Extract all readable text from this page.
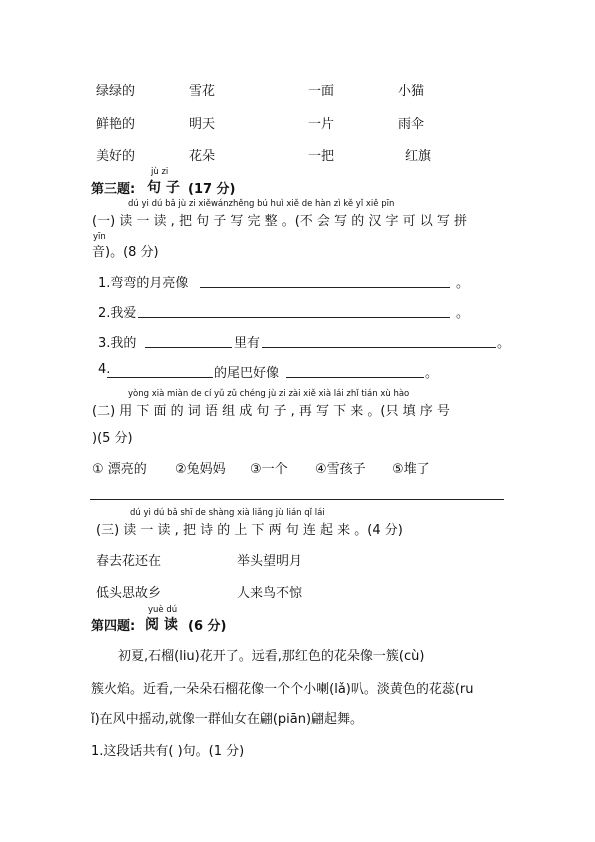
绿绿的	雪花	一面	小猫
鲜艳的	明天	一片	雨伞
美好的	花朵	一把	红旗
jù zi
第三题: 句 子 (17 分)
dú yi dú bǎ jù zi xiěwánzhěng bú huì xiě de hàn zì kě yǐ xiě pīn
(一) 读 一 读 , 把 句 子 写 完 整 。(不 会 写 的 汉 字 可 以 写 拼
yīn
音)。(8 分)
1.弯弯的月亮像	。
2.我爱	。
3.我的	里有	。
4.	的尾巴好像	。
yòng xià miàn de cí yǔ zǔ chéng jù zi zài xiě xià lái zhǐ tián xù hào
(二) 用 下 面 的 词 语 组 成 句 子 , 再 写 下 来 。(只 填 序 号
)(5 分)
① 漂亮的 ②兔妈妈 ③一个 ④雪孩子 ⑤堆了
dú yi dú bǎ shī de shàng xià liǎng jù lián qǐ lái
(三) 读 一 读 , 把 诗 的 上 下 两 句 连 起 来 。(4 分)
春去花还在	举头望明月
低头思故乡	人来鸟不惊
yuè dú
第四题: 阅 读 (6 分)
初夏,石榴(liu)花开了。远看,那红色的花朵像一簇(cù)
簇火焰。近看,一朵朵石榴花像一个个小喇(lǎ)叭。淡黄色的花蕊(ru
ǐ)在风中摇动,就像一群仙女在翩(piān)翩起舞。
1.这段话共有( )句。(1 分)
